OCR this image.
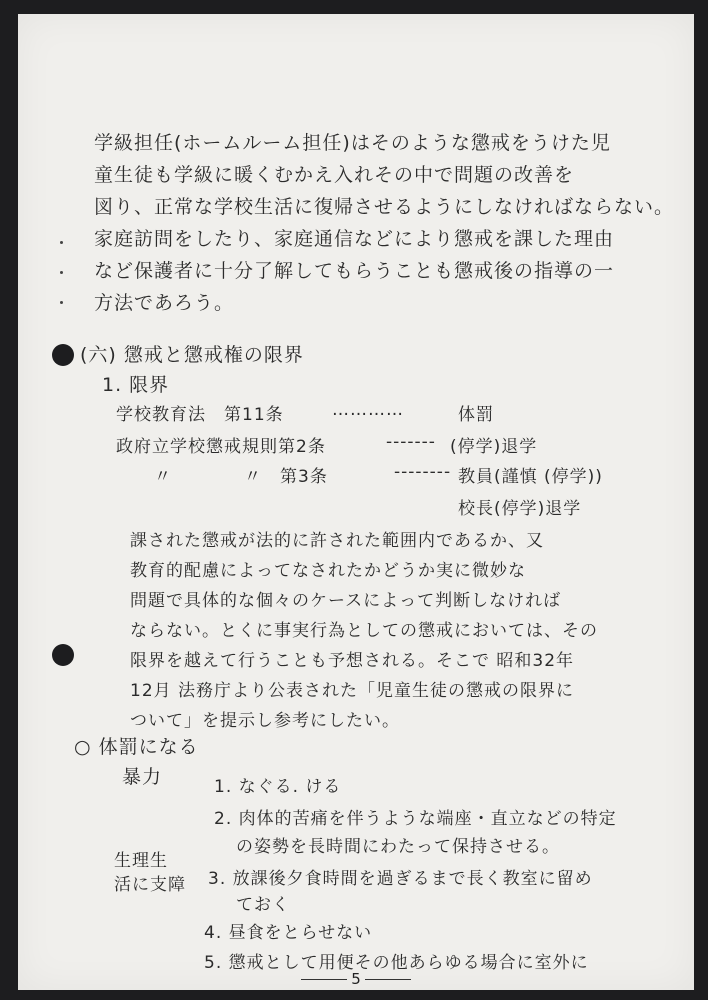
学級担任(ホームルーム担任)はそのような懲戒をうけた児
童生徒も学級に暖くむかえ入れその中で問題の改善を
図り、正常な学校生活に復帰させるようにしなければならない。
家庭訪問をしたり、家庭通信などにより懲戒を課した理由
など保護者に十分了解してもらうことも懲戒後の指導の一
方法であろう。
(六) 懲戒と懲戒権の限界
1. 限界
学校教育法　第11条	…………	体罰
政府立学校懲戒規則第2条	------- (停学)退学
〃　　　　〃　第3条	-------- 教員(謹慎 (停学))
校長(停学)退学
課された懲戒が法的に許された範囲内であるか、又
教育的配慮によってなされたかどうか実に微妙な
問題で具体的な個々のケースによって判断しなければ
ならない。とくに事実行為としての懲戒においては、その
限界を越えて行うことも予想される。そこで 昭和32年
12月 法務庁より公表された「児童生徒の懲戒の限界に
ついて」を提示し参考にしたい。
○ 体罰になる
暴力
生理生
活に支障
1. なぐる. ける
2. 肉体的苦痛を伴うような端座・直立などの特定
の姿勢を長時間にわたって保持させる。
3. 放課後夕食時間を過ぎるまで長く教室に留め
ておく
4. 昼食をとらせない
5. 懲戒として用便その他あらゆる場合に室外に
5
